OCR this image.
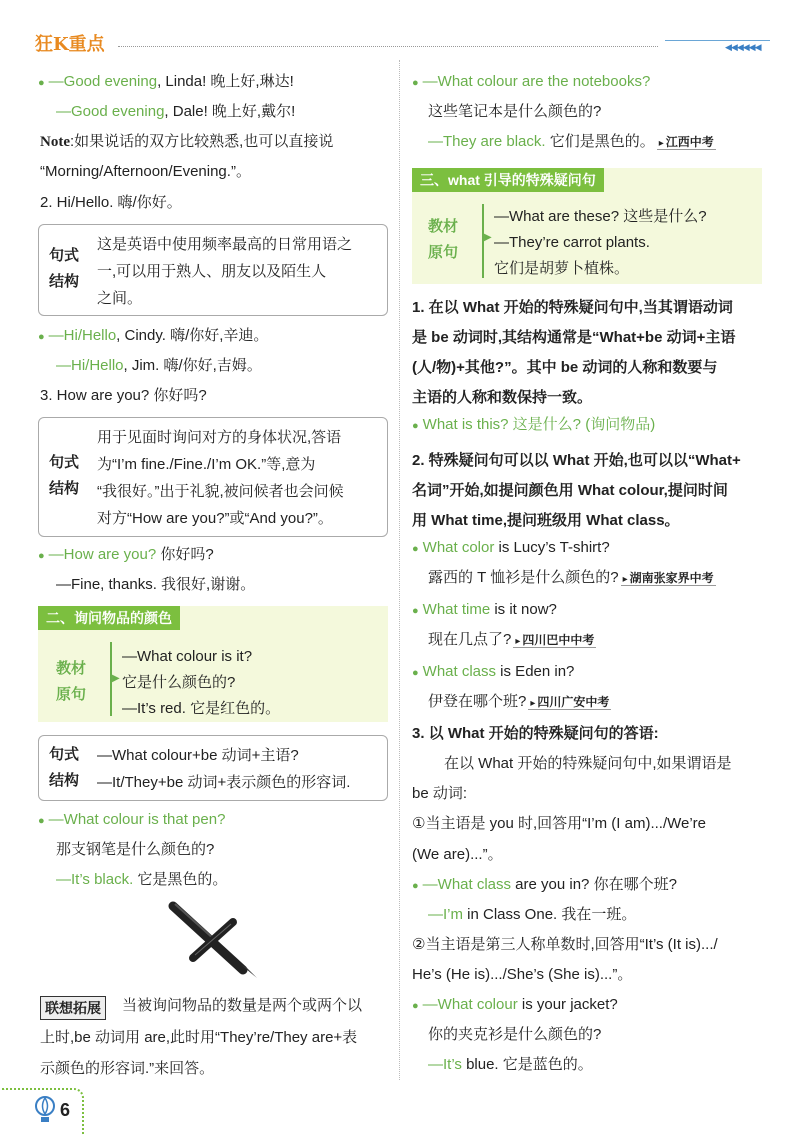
狂K重点	◀◀◀◀◀◀
● —Good evening, Linda! 晚上好,琳达!
—Good evening, Dale! 晚上好,戴尔!
Note:如果说话的双方比较熟悉,也可以直接说
“Morning/Afternoon/Evening.”。
2. Hi/Hello. 嗨/你好。
句式
结构
这是英语中使用频率最高的日常用语之
一,可以用于熟人、朋友以及陌生人
之间。
● —Hi/Hello, Cindy. 嗨/你好,辛迪。
—Hi/Hello, Jim. 嗨/你好,吉姆。
3. How are you? 你好吗?
句式
结构
用于见面时询问对方的身体状况,答语
为“I’m fine./Fine./I’m OK.”等,意为
“我很好。”出于礼貌,被问候者也会问候
对方“How are you?”或“And you?”。
● —How are you? 你好吗?
—Fine, thanks. 我很好,谢谢。
二、询问物品的颜色
教材
原句
▶
—What colour is it?
它是什么颜色的?
—It’s red. 它是红色的。
句式
结构
—What colour+be 动词+主语?
—It/They+be 动词+表示颜色的形容词.
● —What colour is that pen?
那支钢笔是什么颜色的?
—It’s black. 它是黑色的。
联想拓展	当被询问物品的数量是两个或两个以
上时,be 动词用 are,此时用“They’re/They are+表
示颜色的形容词.”来回答。
● —What colour are the notebooks?
这些笔记本是什么颜色的?
—They are black. 它们是黑色的。 ▸ 江西中考
三、what 引导的特殊疑问句
教材
原句
▶
—What are these? 这些是什么?
—They’re carrot plants.
它们是胡萝卜植株。
1. 在以 What 开始的特殊疑问句中,当其谓语动词
是 be 动词时,其结构通常是“What+be 动词+主语
(人/物)+其他?”。其中 be 动词的人称和数要与
主语的人称和数保持一致。
● What is this? 这是什么? (询问物品)
2. 特殊疑问句可以以 What 开始,也可以以“What+
名词”开始,如提问颜色用 What colour,提问时间
用 What time,提问班级用 What class。
● What color is Lucy’s T-shirt?
露西的 T 恤衫是什么颜色的? ▸ 湖南张家界中考
● What time is it now?
现在几点了? ▸ 四川巴中中考
● What class is Eden in?
伊登在哪个班? ▸ 四川广安中考
3. 以 What 开始的特殊疑问句的答语:
在以 What 开始的特殊疑问句中,如果谓语是
be 动词:
①当主语是 you 时,回答用“I’m (I am).../We’re
(We are)...”。
● —What class are you in? 你在哪个班?
—I’m in Class One. 我在一班。
②当主语是第三人称单数时,回答用“It’s (It is).../
He’s (He is).../She’s (She is)...”。
● —What colour is your jacket?
你的夹克衫是什么颜色的?
—It’s blue. 它是蓝色的。
6
